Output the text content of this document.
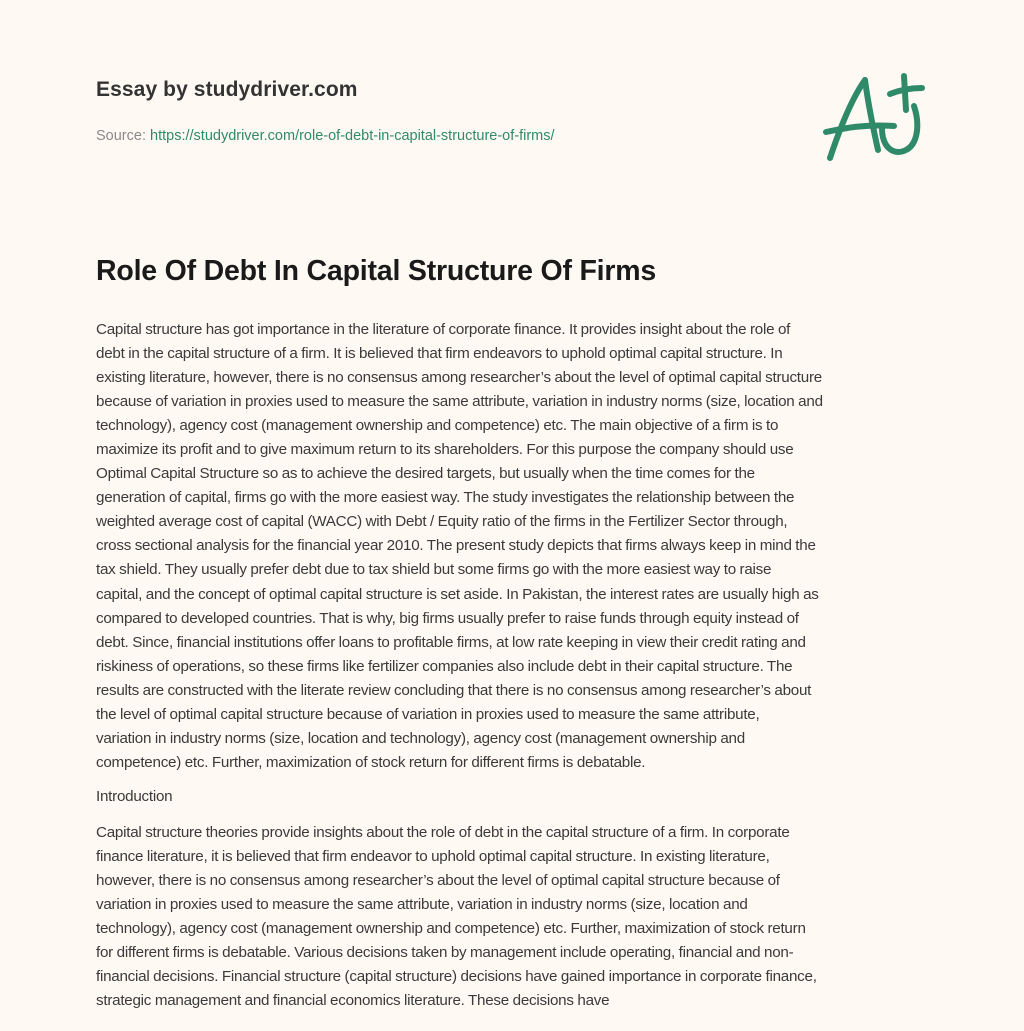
Essay by studydriver.com
Source: https://studydriver.com/role-of-debt-in-capital-structure-of-firms/
Role Of Debt In Capital Structure Of Firms

Capital structure has got importance in the literature of corporate finance. It provides insight about the role of
debt in the capital structure of a firm. It is believed that firm endeavors to uphold optimal capital structure. In
existing literature, however, there is no consensus among researcher’s about the level of optimal capital structure
because of variation in proxies used to measure the same attribute, variation in industry norms (size, location and
technology), agency cost (management ownership and competence) etc. The main objective of a firm is to
maximize its profit and to give maximum return to its shareholders. For this purpose the company should use
Optimal Capital Structure so as to achieve the desired targets, but usually when the time comes for the
generation of capital, firms go with the more easiest way. The study investigates the relationship between the
weighted average cost of capital (WACC) with Debt / Equity ratio of the firms in the Fertilizer Sector through,
cross sectional analysis for the financial year 2010. The present study depicts that firms always keep in mind the
tax shield. They usually prefer debt due to tax shield but some firms go with the more easiest way to raise
capital, and the concept of optimal capital structure is set aside. In Pakistan, the interest rates are usually high as
compared to developed countries. That is why, big firms usually prefer to raise funds through equity instead of
debt. Since, financial institutions offer loans to profitable firms, at low rate keeping in view their credit rating and
riskiness of operations, so these firms like fertilizer companies also include debt in their capital structure. The
results are constructed with the literate review concluding that there is no consensus among researcher’s about
the level of optimal capital structure because of variation in proxies used to measure the same attribute,
variation in industry norms (size, location and technology), agency cost (management ownership and
competence) etc. Further, maximization of stock return for different firms is debatable.

Introduction

Capital structure theories provide insights about the role of debt in the capital structure of a firm. In corporate
finance literature, it is believed that firm endeavor to uphold optimal capital structure. In existing literature,
however, there is no consensus among researcher’s about the level of optimal capital structure because of
variation in proxies used to measure the same attribute, variation in industry norms (size, location and
technology), agency cost (management ownership and competence) etc. Further, maximization of stock return
for different firms is debatable. Various decisions taken by management include operating, financial and non-
financial decisions. Financial structure (capital structure) decisions have gained importance in corporate finance,
strategic management and financial economics literature. These decisions have
